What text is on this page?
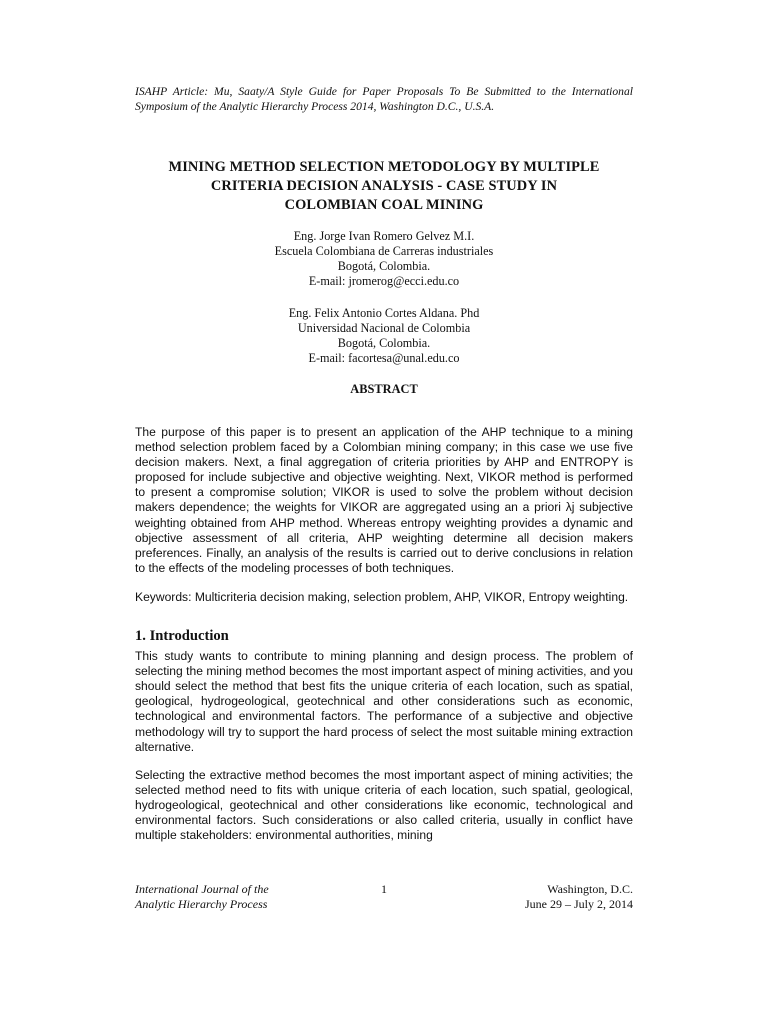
ISAHP Article: Mu, Saaty/A Style Guide for Paper Proposals To Be Submitted to the International Symposium of the Analytic Hierarchy Process 2014, Washington D.C., U.S.A.

MINING METHOD SELECTION METODOLOGY BY MULTIPLE
CRITERIA DECISION ANALYSIS - CASE STUDY IN
COLOMBIAN COAL MINING
Eng. Jorge Ivan Romero Gelvez M.I.
Escuela Colombiana de Carreras industriales
Bogotá, Colombia.
E-mail: jromerog@ecci.edu.co
Eng. Felix Antonio Cortes Aldana. Phd
Universidad Nacional de Colombia
Bogotá, Colombia.
E-mail: facortesa@unal.edu.co
ABSTRACT

The purpose of this paper is to present an application of the AHP technique to a mining method selection problem faced by a Colombian mining company; in this case we use five decision makers. Next, a final aggregation of criteria priorities by AHP and ENTROPY is proposed for include subjective and objective weighting. Next, VIKOR method is performed to present a compromise solution; VIKOR is used to solve the problem without decision makers dependence; the weights for VIKOR are aggregated using an a priori λj subjective weighting obtained from AHP method. Whereas entropy weighting provides a dynamic and objective assessment of all criteria, AHP weighting determine all decision makers preferences. Finally, an analysis of the results is carried out to derive conclusions in relation to the effects of the modeling processes of both techniques.

Keywords: Multicriteria decision making, selection problem, AHP, VIKOR, Entropy weighting.

1. Introduction

This study wants to contribute to mining planning and design process. The problem of selecting the mining method becomes the most important aspect of mining activities, and you should select the method that best fits the unique criteria of each location, such as spatial, geological, hydrogeological, geotechnical and other considerations such as economic, technological and environmental factors. The performance of a subjective and objective methodology will try to support the hard process of select the most suitable mining extraction alternative.

Selecting the extractive method becomes the most important aspect of mining activities; the selected method need to fits with unique criteria of each location, such spatial, geological, hydrogeological, geotechnical and other considerations like economic, technological and environmental factors. Such considerations or also called criteria, usually in conflict have multiple stakeholders: environmental authorities, mining

International Journal of the
Analytic Hierarchy Process
1	Washington, D.C.
June 29 – July 2, 2014
